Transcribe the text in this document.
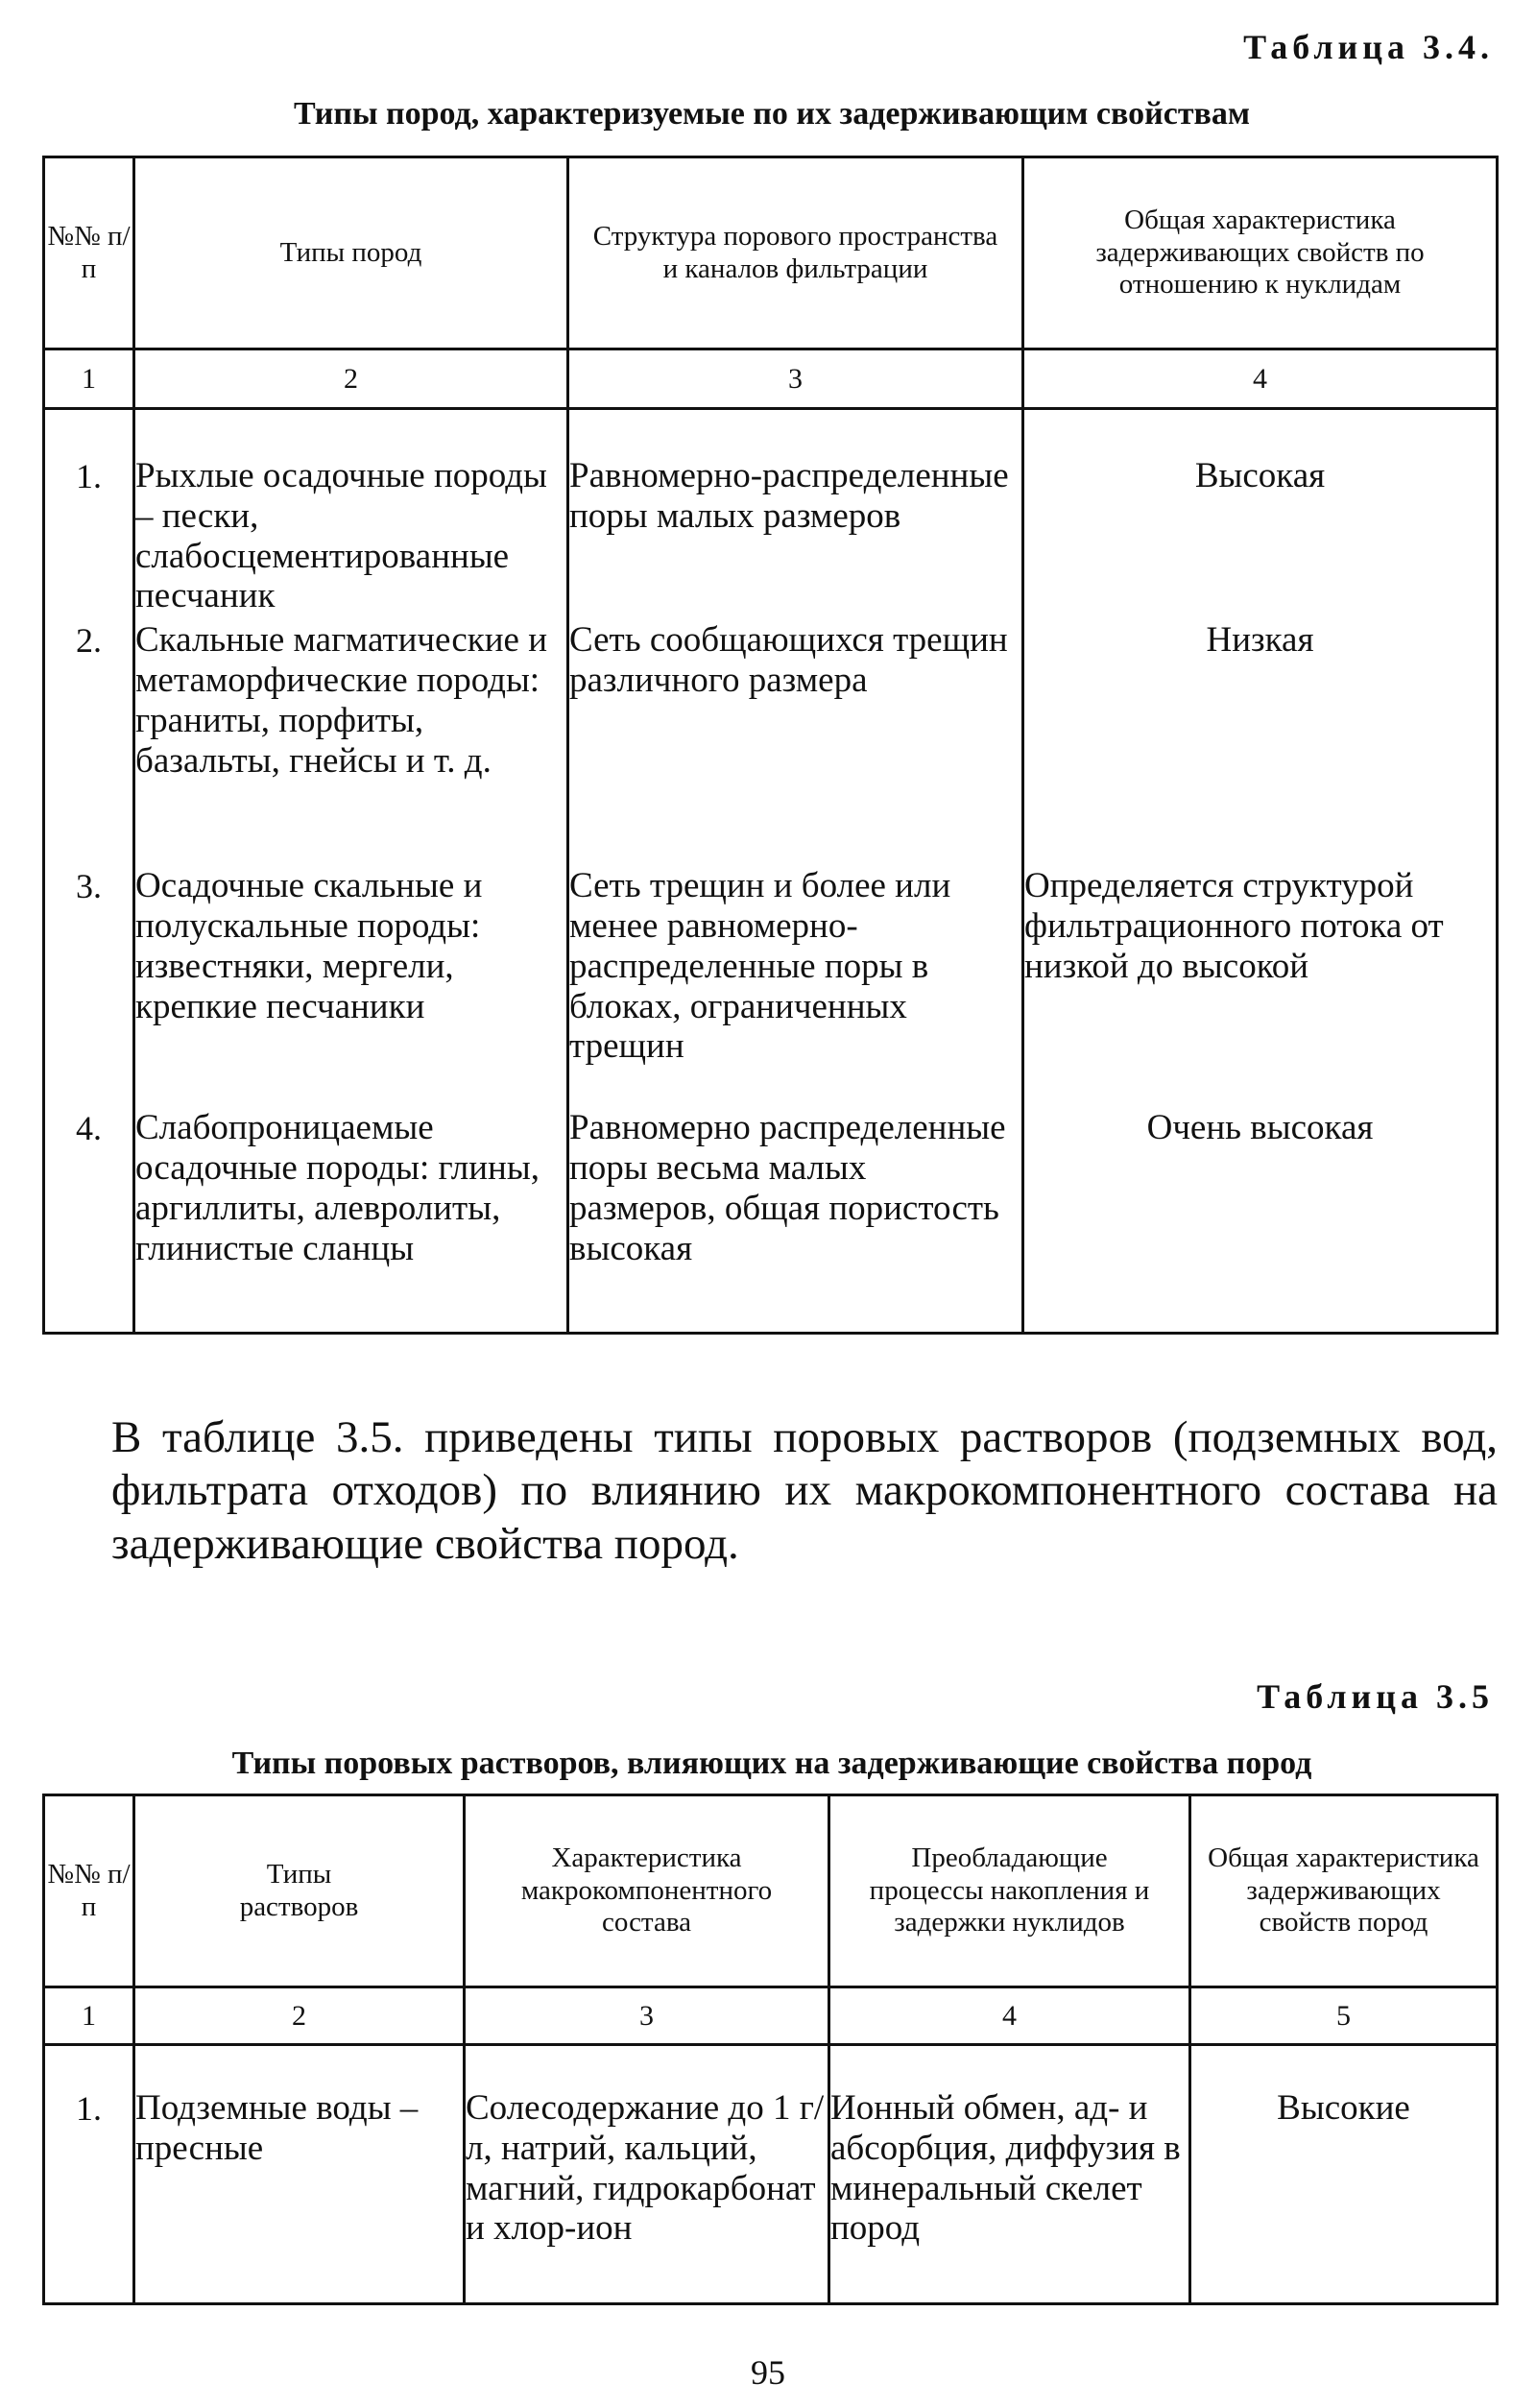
Таблица 3.4.
Типы пород, характеризуемые по их задерживающим свойствам
№№ п/п	Типы пород	Структура порового пространства и каналов фильтрации	Общая характеристика задерживающих свойств по отношению к нуклидам
1	2	3	4
1.	Рыхлые осадочные породы – пески, слабосцементированные песчаник	Равномерно-распределенные поры малых размеров	Высокая
2.	Скальные магматические и метаморфические породы: граниты, порфиты, базальты, гнейсы и т. д.	Сеть сообщающихся трещин различного размера	Низкая
3.	Осадочные скальные и полускальные породы: известняки, мергели, крепкие песчаники	Сеть трещин и более или менее равномерно-распределенные поры в блоках, ограниченных трещин	Определяется структурой фильтрационного потока от низкой до высокой
4.	Слабопроницаемые осадочные породы: глины, аргиллиты, алевролиты, глинистые сланцы	Равномерно распределенные поры весьма малых размеров, общая пористость высокая	Очень высокая
В таблице 3.5. приведены типы поровых растворов (подземных вод, фильтрата отходов) по влиянию их макрокомпонентного состава на задерживающие свойства пород.
Таблица 3.5
Типы поровых растворов, влияющих на задерживающие свойства пород
№№ п/п	Типы растворов	Характеристика макрокомпонентного состава	Преобладающие процессы накопления и задержки нуклидов	Общая характеристика задерживающих свойств пород
1	2	3	4	5
1.	Подземные воды – пресные	Солесодержание до 1 г/л, натрий, кальций, магний, гидрокарбонат и хлор-ион	Ионный обмен, ад- и абсорбция, диффузия в минеральный скелет пород	Высокие
95
